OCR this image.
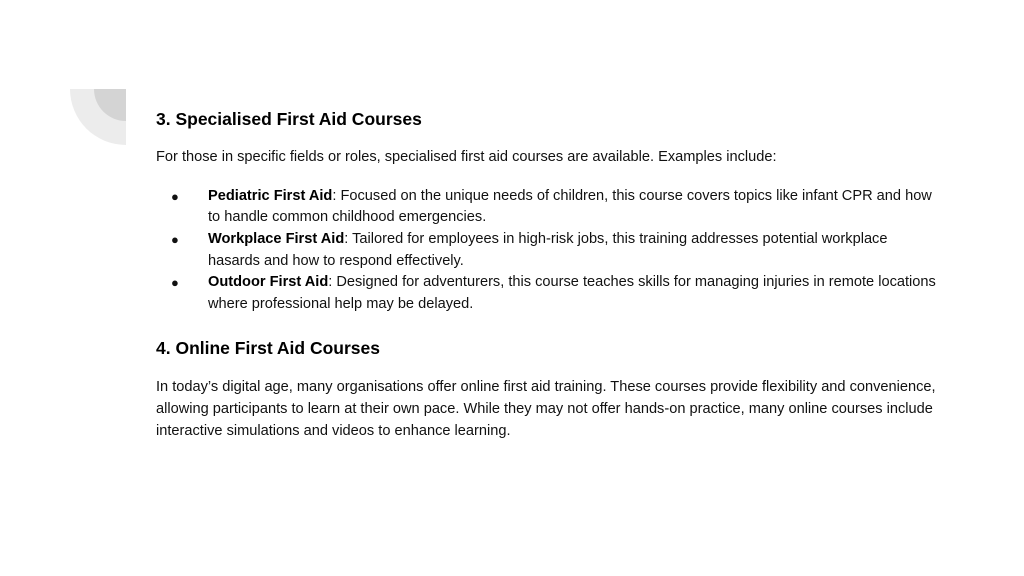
3. Specialised First Aid Courses

For those in specific fields or roles, specialised first aid courses are available. Examples include:

● Pediatric First Aid: Focused on the unique needs of children, this course covers topics like infant CPR and how to handle common childhood emergencies.
● Workplace First Aid: Tailored for employees in high-risk jobs, this training addresses potential workplace hasards and how to respond effectively.
● Outdoor First Aid: Designed for adventurers, this course teaches skills for managing injuries in remote locations where professional help may be delayed.
4. Online First Aid Courses

In today’s digital age, many organisations offer online first aid training. These courses provide flexibility and convenience, allowing participants to learn at their own pace. While they may not offer hands-on practice, many online courses include interactive simulations and videos to enhance learning.
